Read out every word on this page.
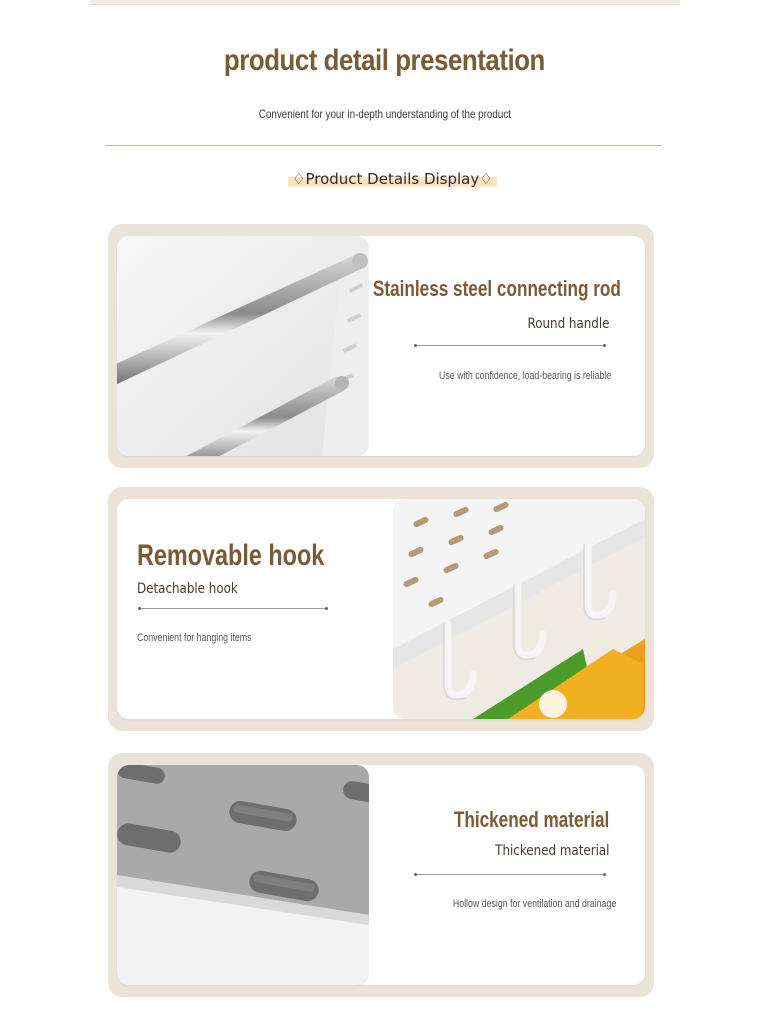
product detail presentation

Convenient for your in-depth understanding of the product

♢Product Details Display♢
Stainless steel connecting rod
Round handle
Use with confidence, load-bearing is reliable
Removable hook
Detachable hook
Convenient for hanging items
Thickened material
Thickened material
Hollow design for ventilation and drainage
